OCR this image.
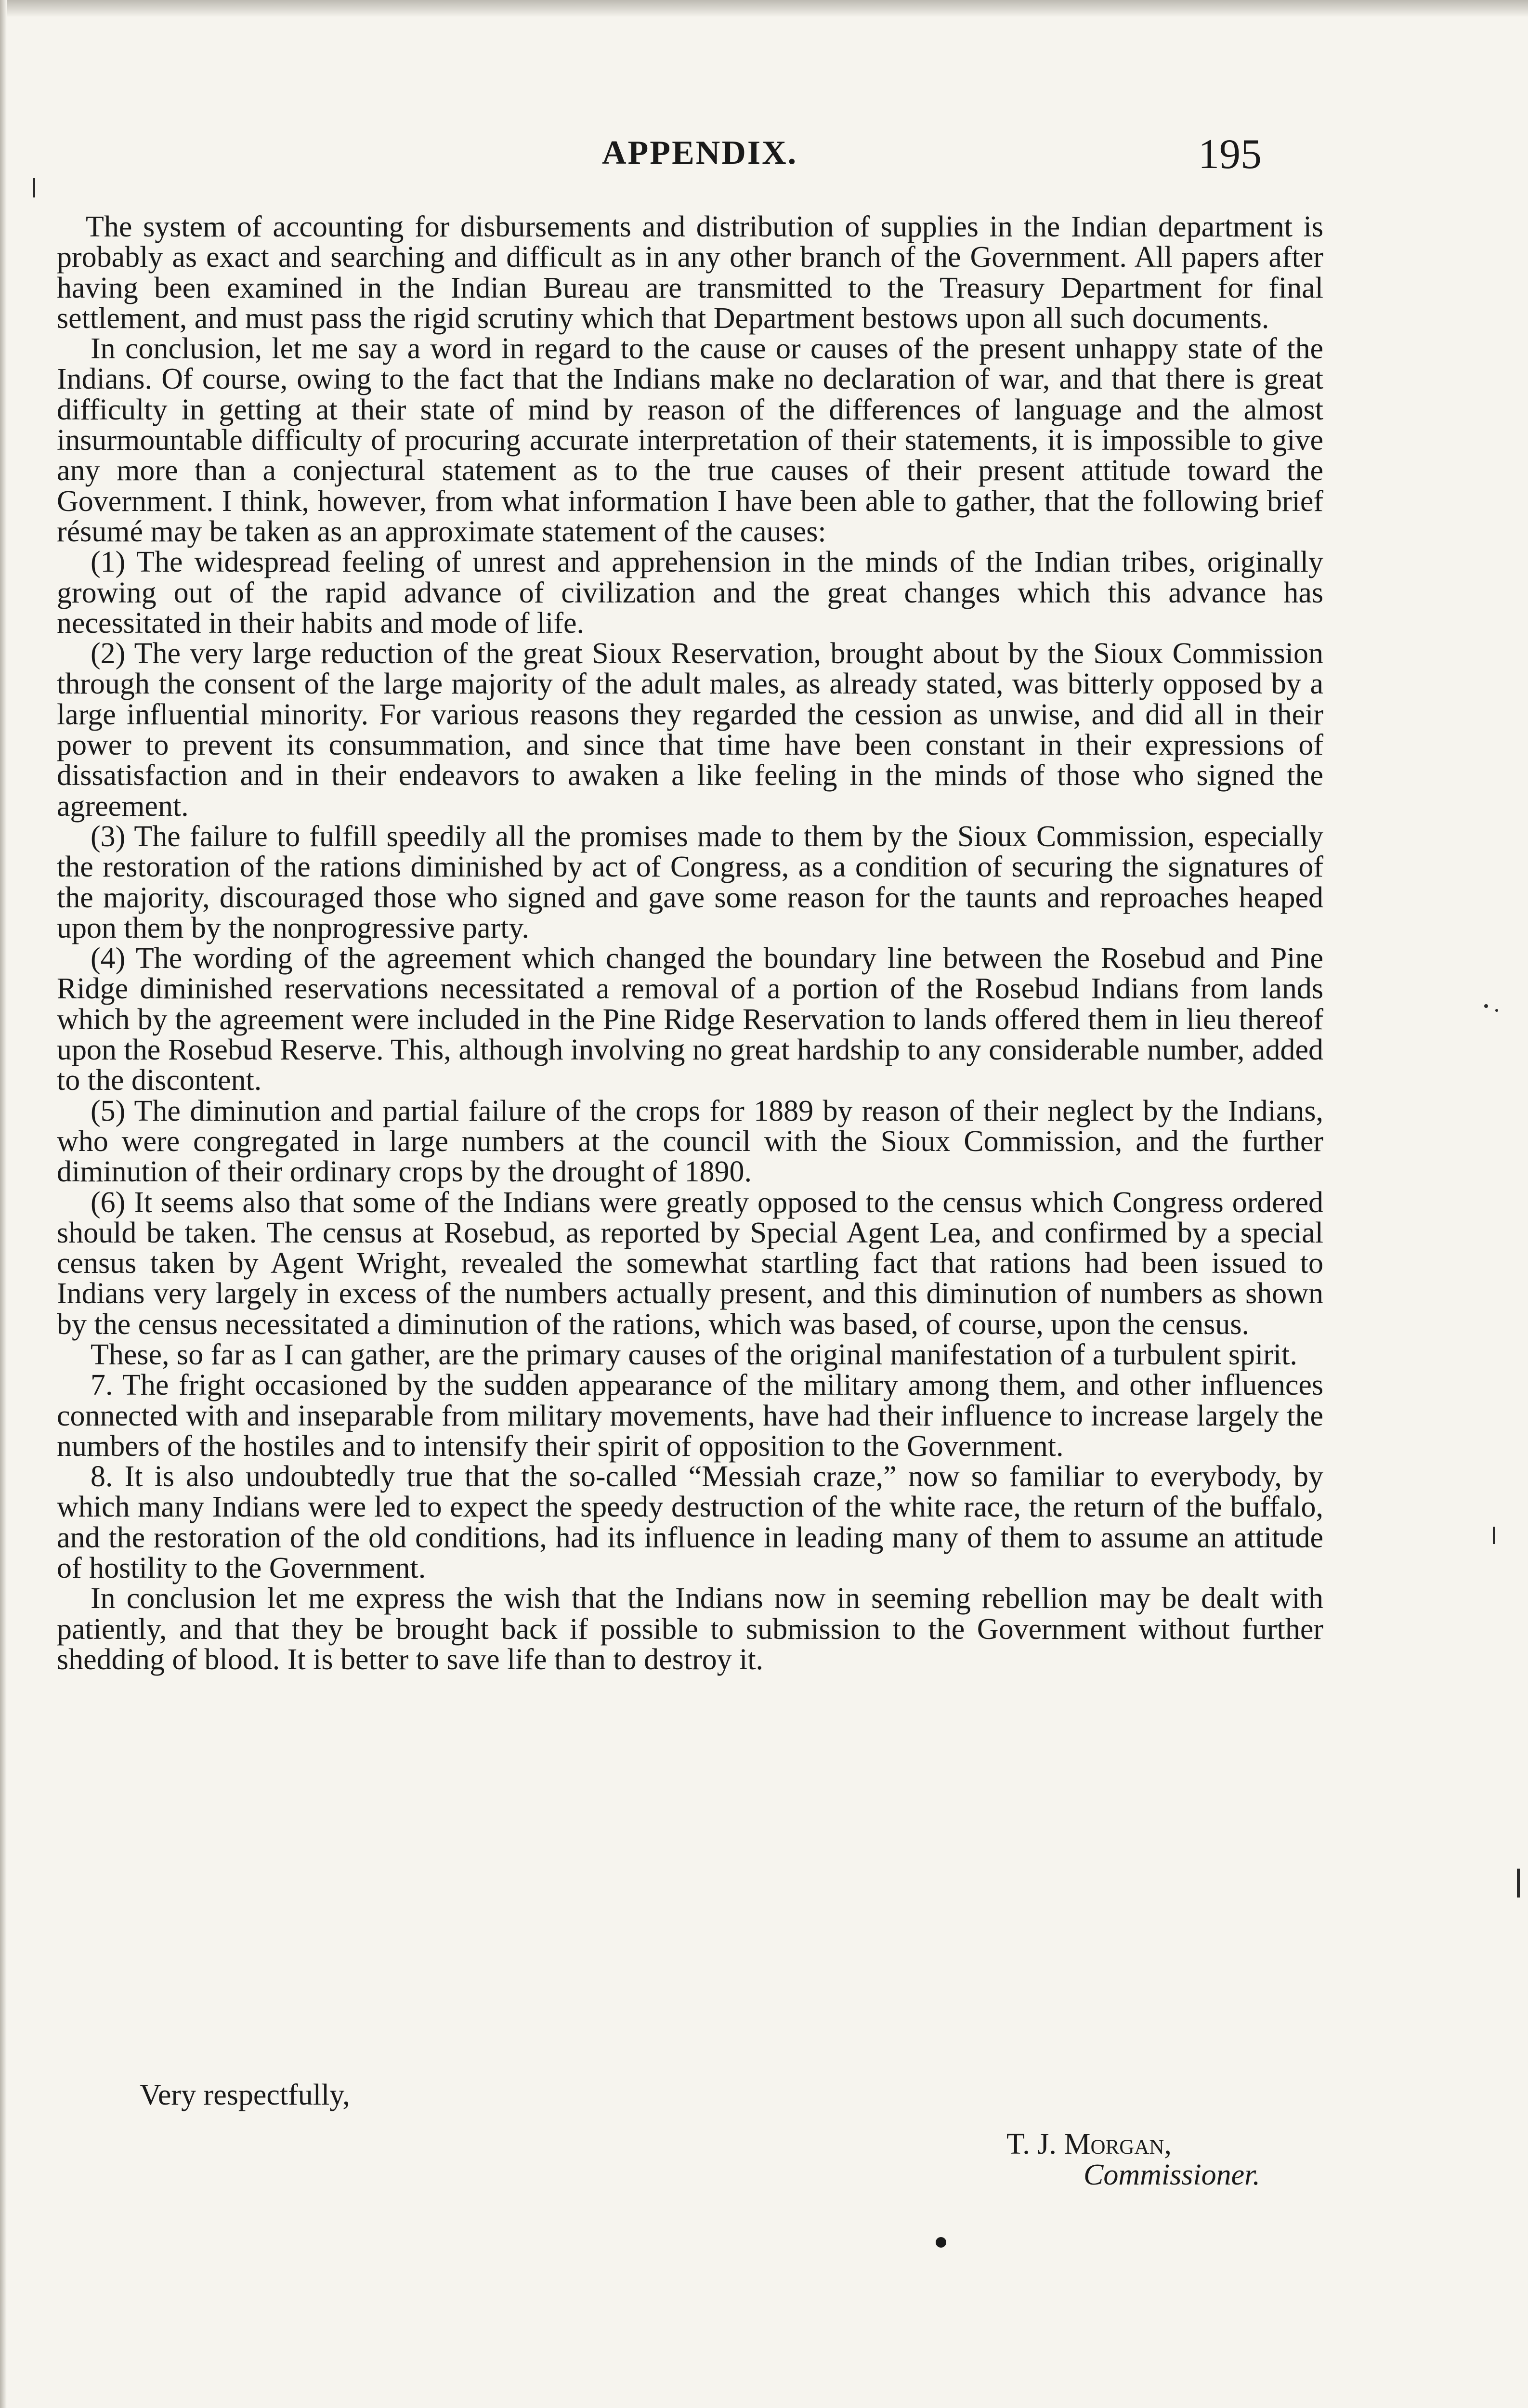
APPENDIX.	195

The system of accounting for disbursements and distribution of supplies in the Indian department is probably as exact and searching and difficult as in any other branch of the Government. All papers after having been examined in the Indian Bureau are transmitted to the Treasury Department for final settlement, and must pass the rigid scrutiny which that Department bestows upon all such documents.

In conclusion, let me say a word in regard to the cause or causes of the present unhappy state of the Indians. Of course, owing to the fact that the Indians make no declaration of war, and that there is great difficulty in getting at their state of mind by reason of the differences of language and the almost insurmountable difficulty of procuring accurate interpretation of their statements, it is impossible to give any more than a conjectural statement as to the true causes of their present attitude toward the Government. I think, however, from what information I have been able to gather, that the following brief résumé may be taken as an approximate statement of the causes:

(1) The widespread feeling of unrest and apprehension in the minds of the Indian tribes, originally growing out of the rapid advance of civilization and the great changes which this advance has necessitated in their habits and mode of life.

(2) The very large reduction of the great Sioux Reservation, brought about by the Sioux Commission through the consent of the large majority of the adult males, as already stated, was bitterly opposed by a large influential minority. For various reasons they regarded the cession as unwise, and did all in their power to prevent its consummation, and since that time have been constant in their expressions of dissatisfaction and in their endeavors to awaken a like feeling in the minds of those who signed the agreement.

(3) The failure to fulfill speedily all the promises made to them by the Sioux Commission, especially the restoration of the rations diminished by act of Congress, as a condition of securing the signatures of the majority, discouraged those who signed and gave some reason for the taunts and reproaches heaped upon them by the nonprogressive party.

(4) The wording of the agreement which changed the boundary line between the Rosebud and Pine Ridge diminished reservations necessitated a removal of a portion of the Rosebud Indians from lands which by the agreement were included in the Pine Ridge Reservation to lands offered them in lieu thereof upon the Rosebud Reserve. This, although involving no great hardship to any considerable number, added to the discontent.

(5) The diminution and partial failure of the crops for 1889 by reason of their neglect by the Indians, who were congregated in large numbers at the council with the Sioux Commission, and the further diminution of their ordinary crops by the drought of 1890.

(6) It seems also that some of the Indians were greatly opposed to the census which Congress ordered should be taken. The census at Rosebud, as reported by Special Agent Lea, and confirmed by a special census taken by Agent Wright, revealed the somewhat startling fact that rations had been issued to Indians very largely in excess of the numbers actually present, and this diminution of numbers as shown by the census necessitated a diminution of the rations, which was based, of course, upon the census.

These, so far as I can gather, are the primary causes of the original manifestation of a turbulent spirit.

7. The fright occasioned by the sudden appearance of the military among them, and other influences connected with and inseparable from military movements, have had their influence to increase largely the numbers of the hostiles and to intensify their spirit of opposition to the Government.

8. It is also undoubtedly true that the so-called “Messiah craze,” now so familiar to everybody, by which many Indians were led to expect the speedy destruction of the white race, the return of the buffalo, and the restoration of the old conditions, had its influence in leading many of them to assume an attitude of hostility to the Government.

In conclusion let me express the wish that the Indians now in seeming rebellion may be dealt with patiently, and that they be brought back if possible to submission to the Government without further shedding of blood. It is better to save life than to destroy it.

Very respectfully,
T. J. Morgan,
Commissioner.
